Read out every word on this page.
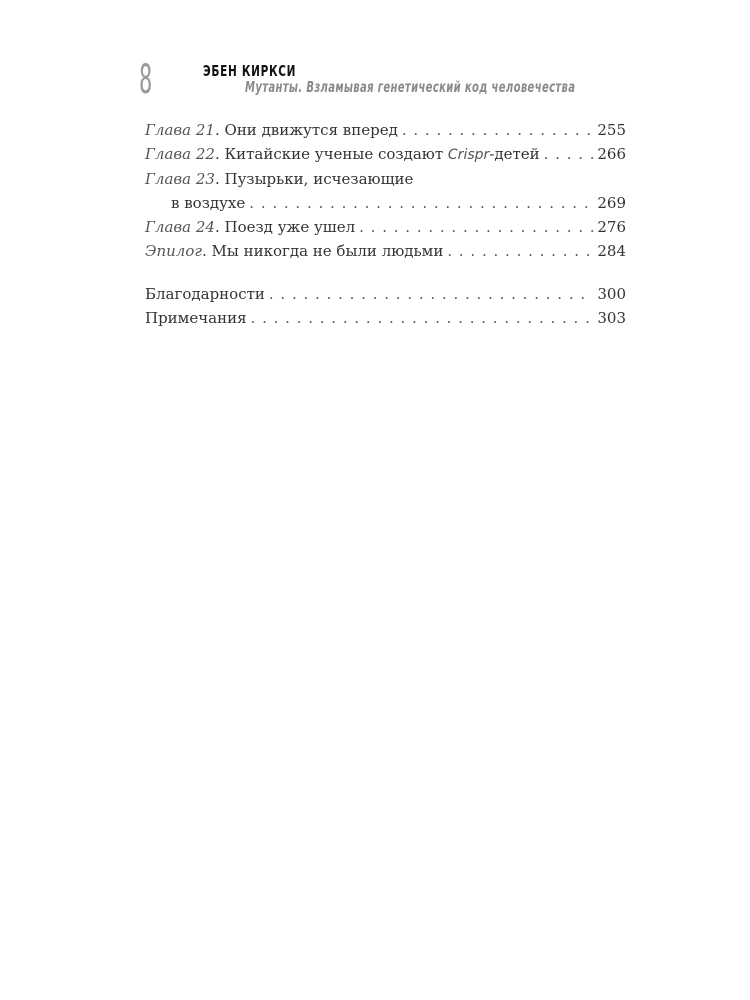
8	ЭБЕН КИРКСИ
Мутанты. Взламывая генетический код человечества
Глава 21. Они движутся вперед . . .	255
Глава 22. Китайские ученые создают Crispr-детей . . .	266
Глава 23. Пузырьки, исчезающие
в воздухе . . .	269
Глава 24. Поезд уже ушел . . .	276
Эпилог. Мы никогда не были людьми . . .	284
Благодарности . . .	300
Примечания . . .	303
